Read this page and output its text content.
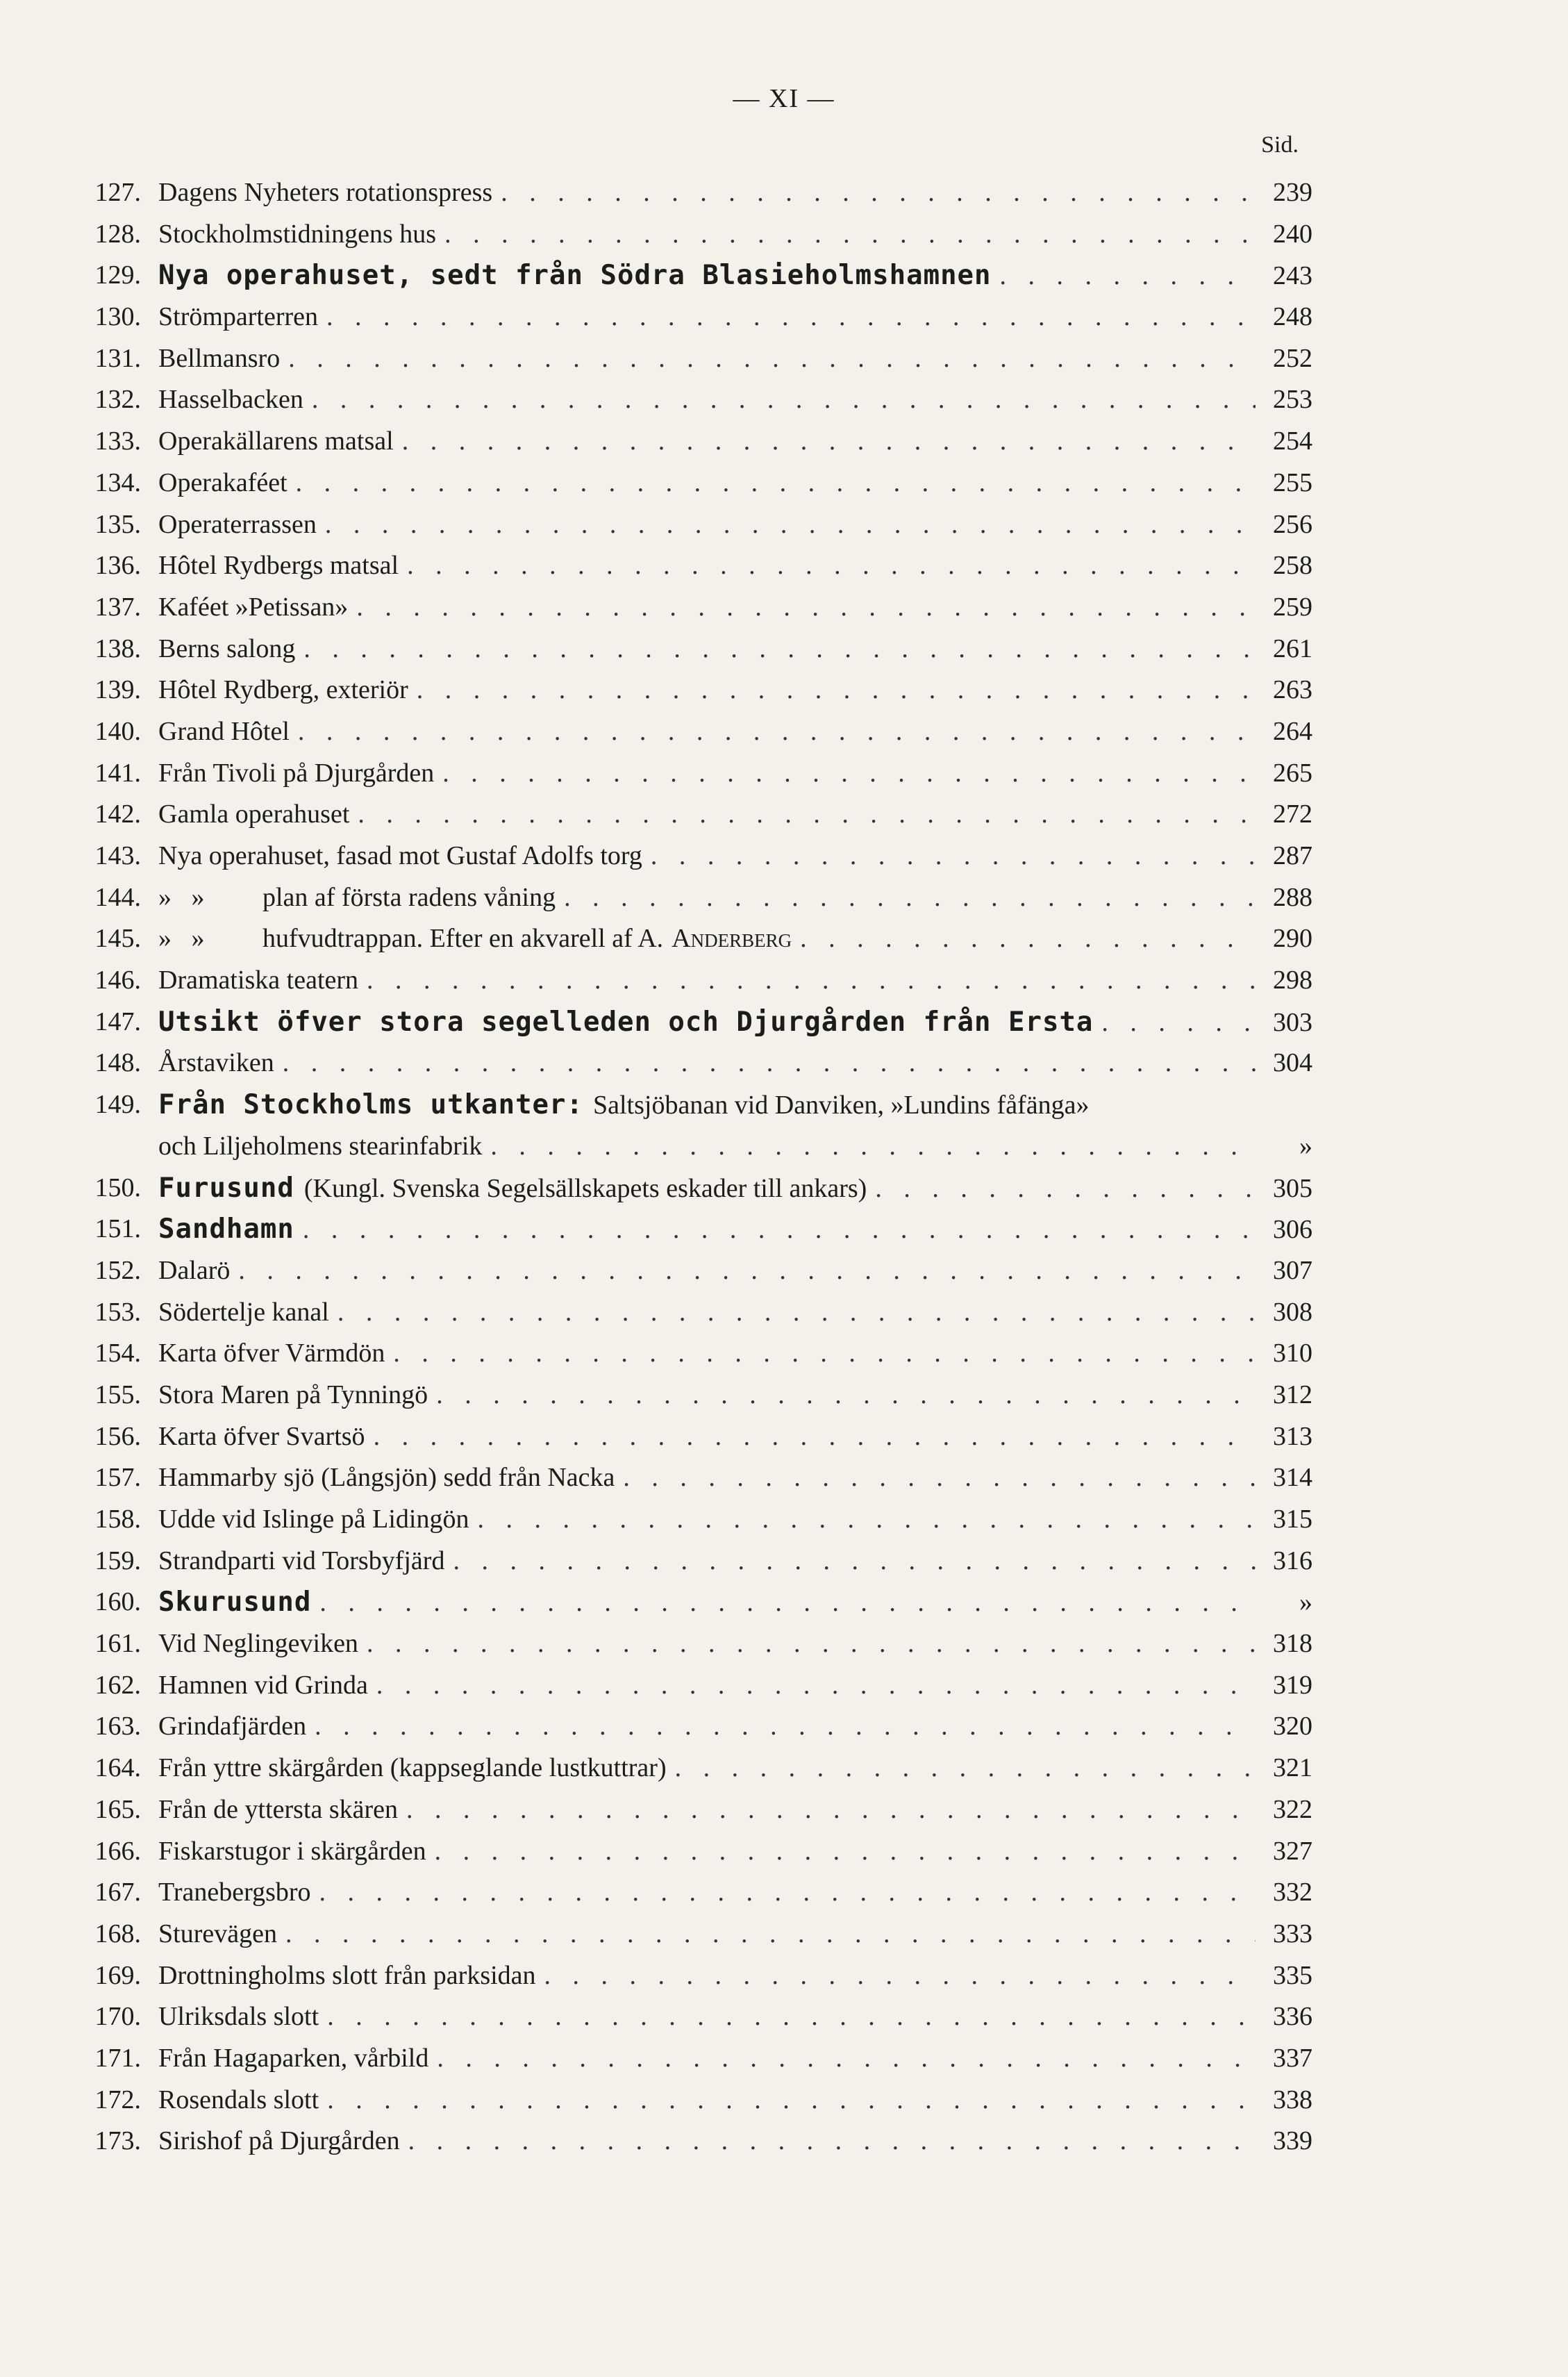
— XI —
Sid.
127. Dagens Nyheters rotationspress . . .	239
128. Stockholmstidningens hus . . .	240
129. Nya operahuset, sedt från Södra Blasieholmshamnen . . .	243
130. Strömparterren . . .	248
131. Bellmansro . . .	252
132. Hasselbacken . . .	253
133. Operakällarens matsal . . .	254
134. Operakaféet . . .	255
135. Operaterrassen . . .	256
136. Hôtel Rydbergs matsal . . .	258
137. Kaféet »Petissan» . . .	259
138. Berns salong . . .	261
139. Hôtel Rydberg, exteriör . . .	263
140. Grand Hôtel . . .	264
141. Från Tivoli på Djurgården . . .	265
142. Gamla operahuset . . .	272
143. Nya operahuset, fasad mot Gustaf Adolfs torg . . .	287
144. »   »	plan af första radens våning . . .	288
145. »   »	hufvudtrappan. Efter en akvarell af A. Anderberg . . .	290
146. Dramatiska teatern . . .	298
147. Utsikt öfver stora segelleden och Djurgården från Ersta . . .	303
148. Årstaviken . . .	304
149. Från Stockholms utkanter: Saltsjöbanan vid Danviken, »Lundins fåfänga»
och Liljeholmens stearinfabrik . . .	»
150. Furusund (Kungl. Svenska Segelsällskapets eskader till ankars) . . .	305
151. Sandhamn . . .	306
152. Dalarö . . .	307
153. Södertelje kanal . . .	308
154. Karta öfver Värmdön . . .	310
155. Stora Maren på Tynningö . . .	312
156. Karta öfver Svartsö . . .	313
157. Hammarby sjö (Långsjön) sedd från Nacka . . .	314
158. Udde vid Islinge på Lidingön . . .	315
159. Strandparti vid Torsbyfjärd . . .	316
160. Skurusund . . .	»
161. Vid Neglingeviken . . .	318
162. Hamnen vid Grinda . . .	319
163. Grindafjärden . . .	320
164. Från yttre skärgården (kappseglande lustkuttrar) . . .	321
165. Från de yttersta skären . . .	322
166. Fiskarstugor i skärgården . . .	327
167. Tranebergsbro . . .	332
168. Sturevägen . . .	333
169. Drottningholms slott från parksidan . . .	335
170. Ulriksdals slott . . .	336
171. Från Hagaparken, vårbild . . .	337
172. Rosendals slott . . .	338
173. Sirishof på Djurgården . . .	339
